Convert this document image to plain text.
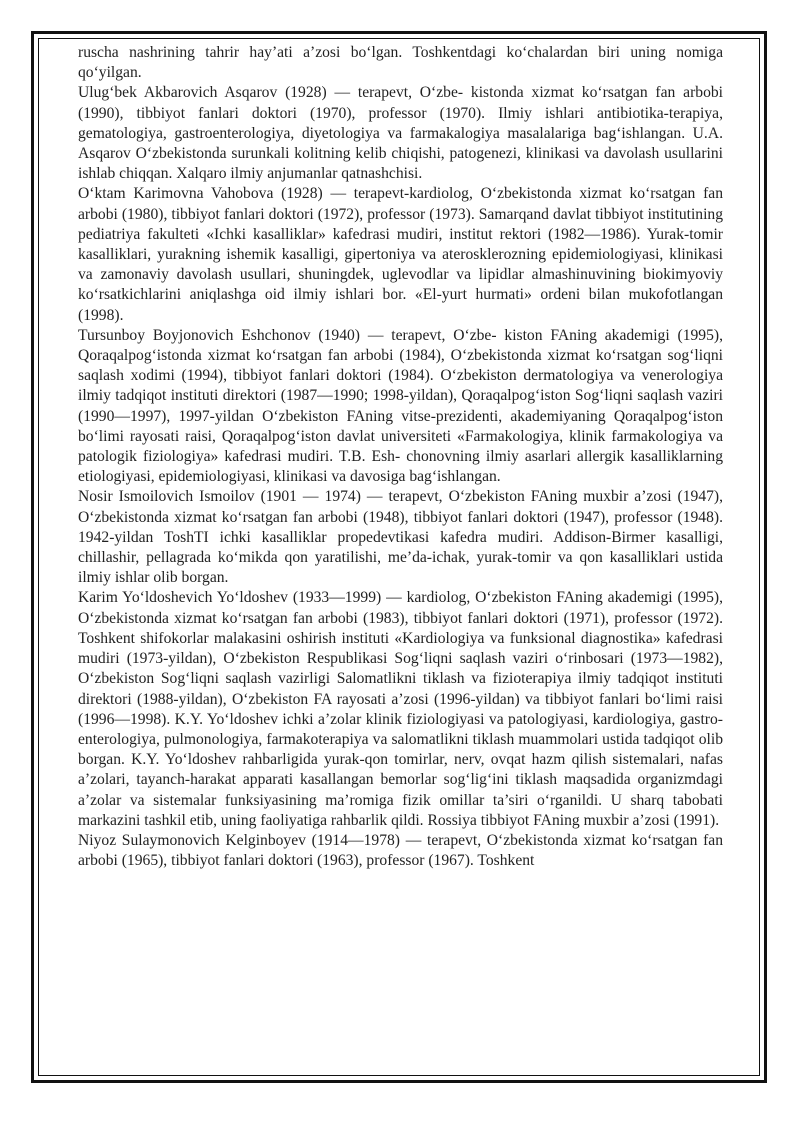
ruscha nashrining tahrir hay’ati a’zosi bo‘lgan. Toshkentdagi ko‘chalardan biri uning nomiga qo‘yilgan.

Ulug‘bek Akbarovich Asqarov (1928) — terapevt, O‘zbe- kistonda xizmat ko‘rsatgan fan arbobi (1990), tibbiyot fanlari doktori (1970), professor (1970). Ilmiy ishlari antibiotika-terapiya, gematologiya, gastroenterologiya, diyetologiya va farmakalogiya masalalariga bag‘ishlangan. U.A. Asqarov O‘zbekistonda surunkali kolitning kelib chiqishi, patogenezi, klinikasi va davolash usullarini ishlab chiqqan. Xalqaro ilmiy anjumanlar qatnashchisi.

O‘ktam Karimovna Vahobova (1928) — terapevt-kardiolog, O‘zbekistonda xizmat ko‘rsatgan fan arbobi (1980), tibbiyot fanlari doktori (1972), professor (1973). Samarqand davlat tibbiyot institutining pediatriya fakulteti «Ichki kasalliklar» kafedrasi mudiri, institut rektori (1982—1986). Yurak-tomir kasalliklari, yurakning ishemik kasalligi, gipertoniya va aterosklerozning epidemiologiyasi, klinikasi va zamonaviy davolash usullari, shuningdek, uglevodlar va lipidlar almashinuvining biokimyoviy ko‘rsatkichlarini aniqlashga oid ilmiy ishlari bor. «El-yurt hurmati» ordeni bilan mukofotlangan (1998).

Tursunboy Boyjonovich Eshchonov (1940) — terapevt, O‘zbe- kiston FAning akademigi (1995), Qoraqalpog‘istonda xizmat ko‘rsatgan fan arbobi (1984), O‘zbekistonda xizmat ko‘rsatgan sog‘liqni saqlash xodimi (1994), tibbiyot fanlari doktori (1984). O‘zbekiston dermatologiya va venerologiya ilmiy tadqiqot instituti direktori (1987—1990; 1998-yildan), Qoraqalpog‘iston Sog‘liqni saqlash vaziri (1990—1997), 1997-yildan O‘zbekiston FAning vitse-prezidenti, akademiyaning Qoraqalpog‘iston bo‘limi rayosati raisi, Qoraqalpog‘iston davlat universiteti «Farmakologiya, klinik farmakologiya va patologik fiziologiya» kafedrasi mudiri. T.B. Esh- chonovning ilmiy asarlari allergik kasalliklarning etiologiyasi, epidemiologiyasi, klinikasi va davosiga bag‘ishlangan.

Nosir Ismoilovich Ismoilov (1901 — 1974) — terapevt, O‘zbekiston FAning muxbir a’zosi (1947), O‘zbekistonda xizmat ko‘rsatgan fan arbobi (1948), tibbiyot fanlari doktori (1947), professor (1948). 1942-yildan ToshTI ichki kasalliklar propedevtikasi kafedra mudiri. Addison-Birmer kasalligi, chillashir, pellagrada ko‘mikda qon yaratilishi, me’da-ichak, yurak-tomir va qon kasalliklari ustida ilmiy ishlar olib borgan.

Karim Yo‘ldoshevich Yo‘ldoshev (1933—1999) — kardiolog, O‘zbekiston FAning akademigi (1995), O‘zbekistonda xizmat ko‘rsatgan fan arbobi (1983), tibbiyot fanlari doktori (1971), professor (1972). Toshkent shifokorlar malakasini oshirish instituti «Kardiologiya va funksional diagnostika» kafedrasi mudiri (1973-yildan), O‘zbekiston Respublikasi Sog‘liqni saqlash vaziri o‘rinbosari (1973—1982), O‘zbekiston Sog‘liqni saqlash vazirligi Salomatlikni tiklash va fizioterapiya ilmiy tadqiqot instituti direktori (1988-yildan), O‘zbekiston FA rayosati a’zosi (1996-yildan) va tibbiyot fanlari bo‘limi raisi (1996—1998). K.Y. Yo‘ldoshev ichki a’zolar klinik fiziologiyasi va patologiyasi, kardiologiya, gastro- enterologiya, pulmonologiya, farmakoterapiya va salomatlikni tiklash muammolari ustida tadqiqot olib borgan. K.Y. Yo‘ldoshev rahbarligida yurak-qon tomirlar, nerv, ovqat hazm qilish sistemalari, nafas a’zolari, tayanch-harakat apparati kasallangan bemorlar sog‘lig‘ini tiklash maqsadida organizmdagi a’zolar va sistemalar funksiyasining ma’romiga fizik omillar ta’siri o‘rganildi. U sharq tabobati markazini tashkil etib, uning faoliyatiga rahbarlik qildi. Rossiya tibbiyot FAning muxbir a’zosi (1991).

Niyoz Sulaymonovich Kelginboyev (1914—1978) — terapevt, O‘zbekistonda xizmat ko‘rsatgan fan arbobi (1965), tibbiyot fanlari doktori (1963), professor (1967). Toshkent
